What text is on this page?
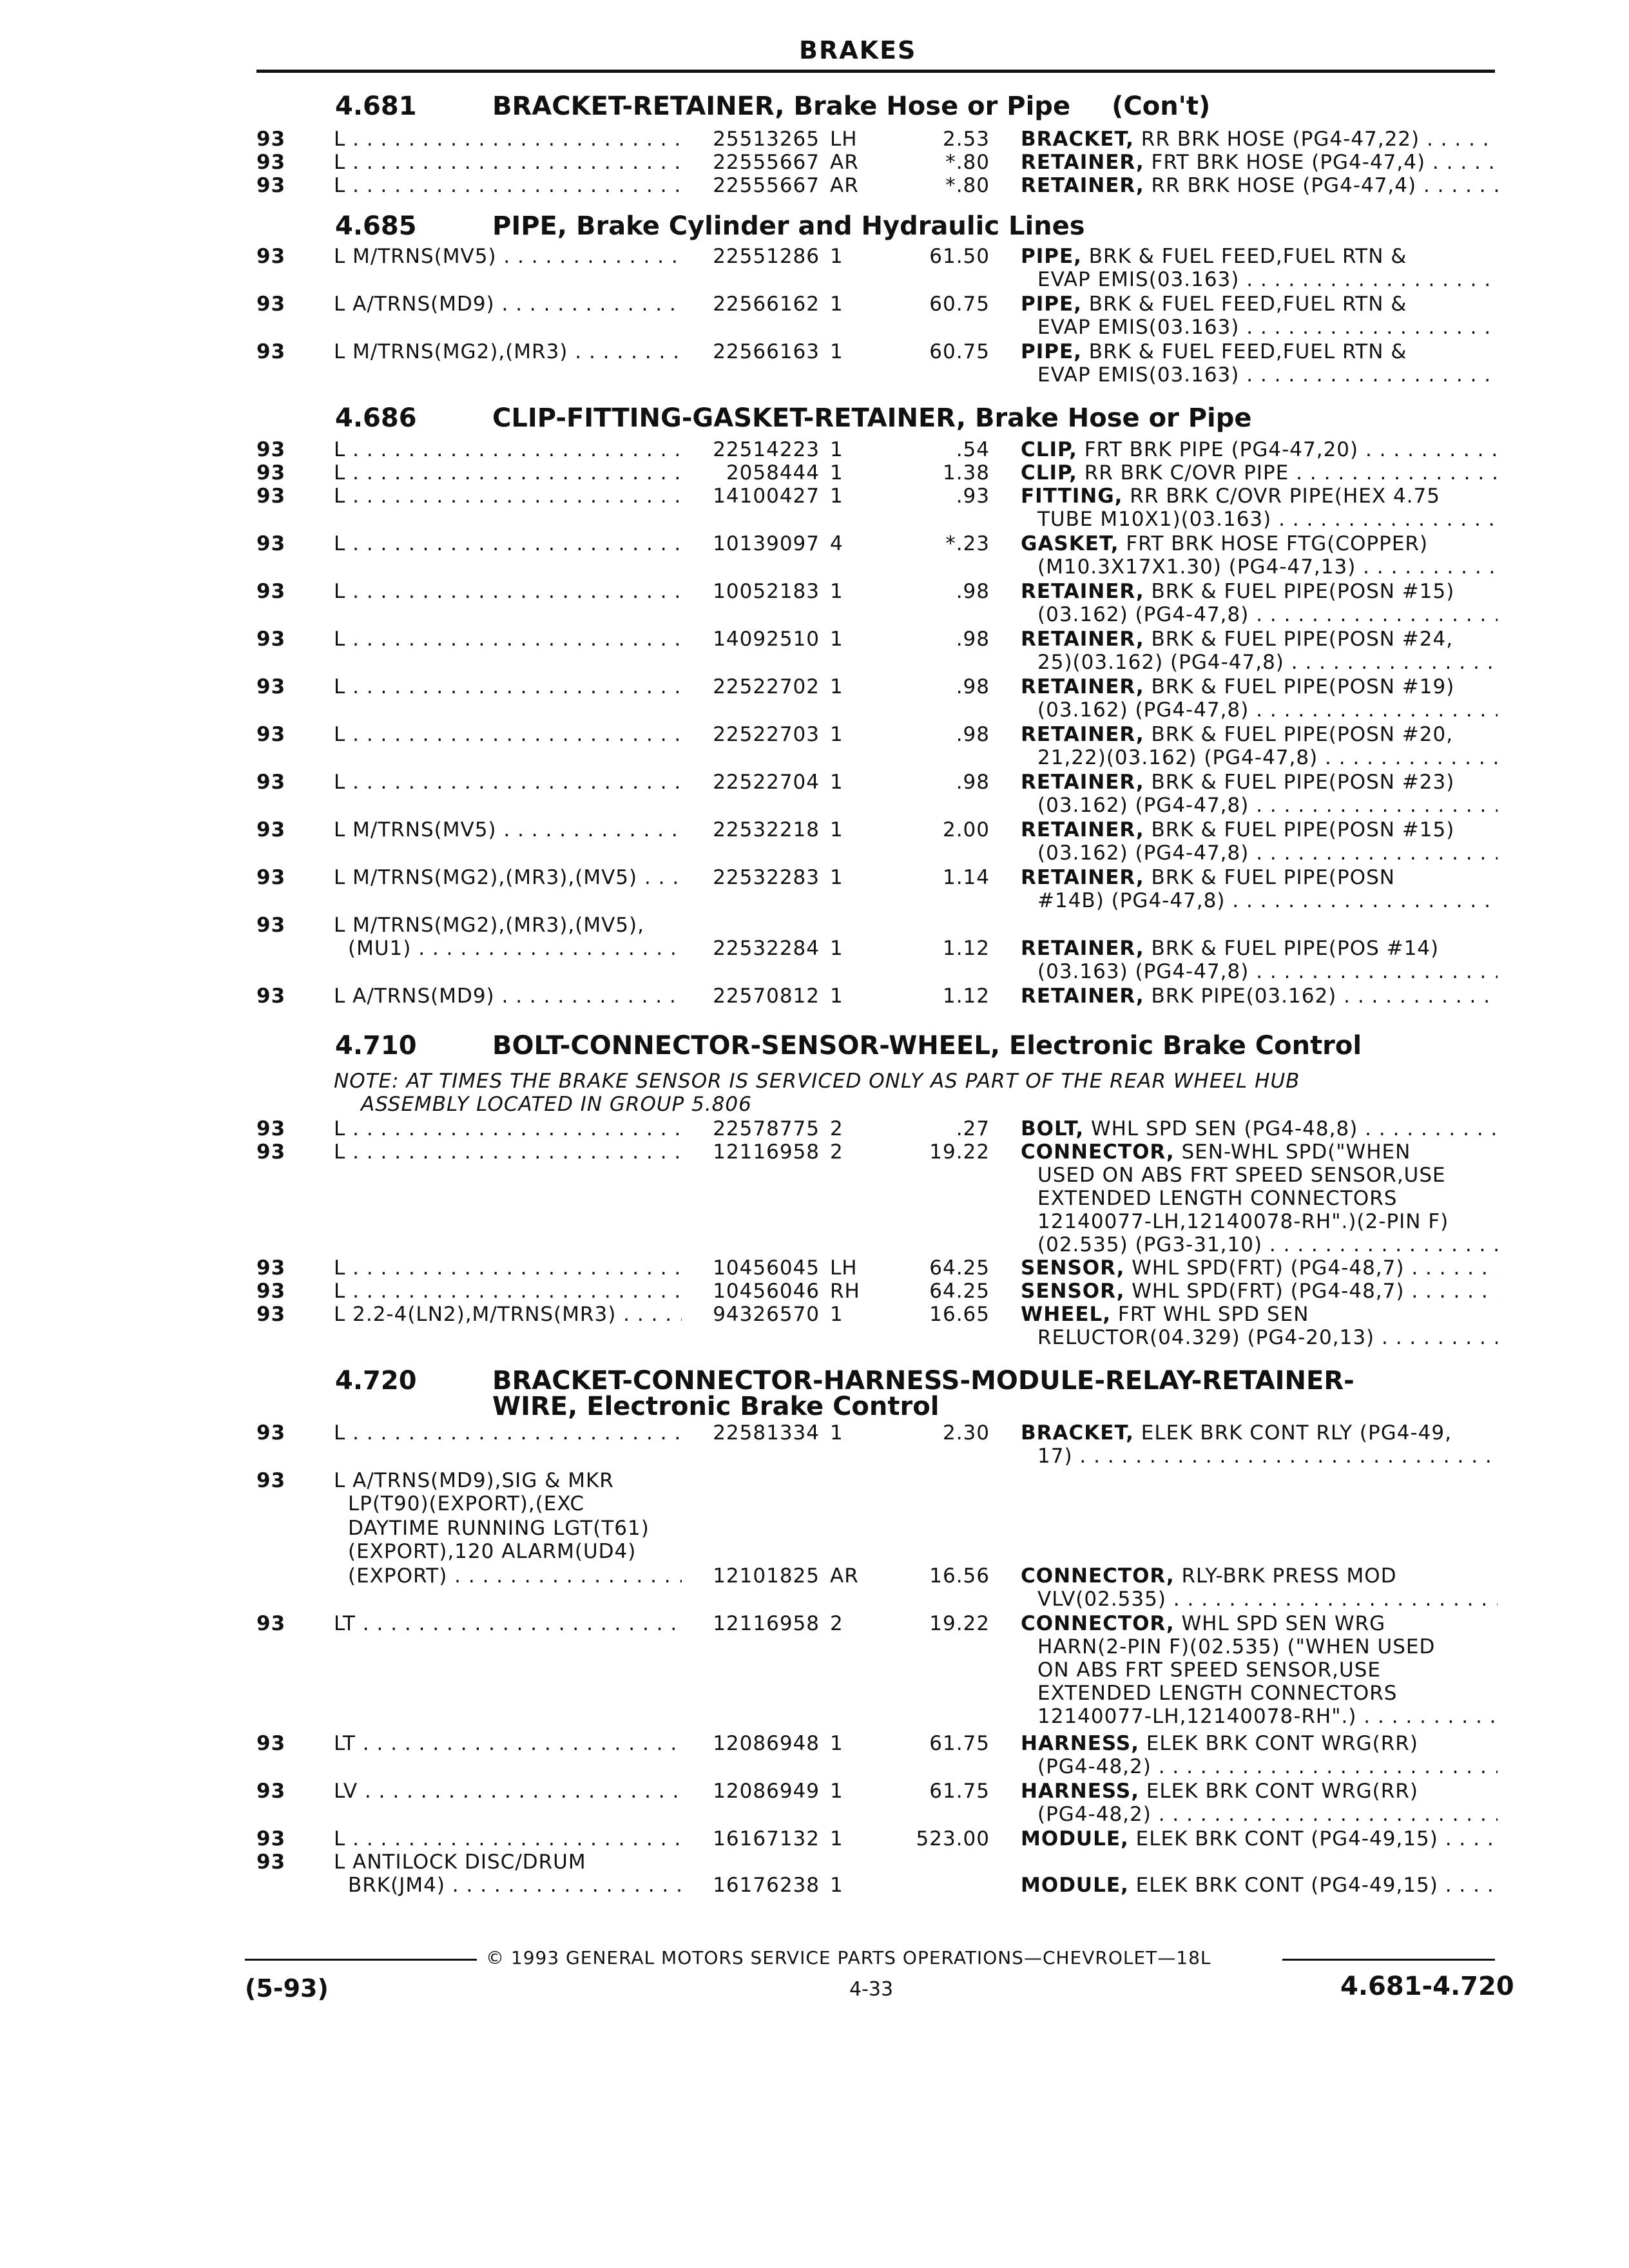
BRAKES
4.681	BRACKET-RETAINER, Brake Hose or Pipe (Con't)
4.685	PIPE, Brake Cylinder and Hydraulic Lines
4.686	CLIP-FITTING-GASKET-RETAINER, Brake Hose or Pipe
4.710	BOLT-CONNECTOR-SENSOR-WHEEL, Electronic Brake Control
NOTE: AT TIMES THE BRAKE SENSOR IS SERVICED ONLY AS PART OF THE REAR WHEEL HUB
ASSEMBLY LOCATED IN GROUP 5.806
4.720	BRACKET-CONNECTOR-HARNESS-MODULE-RELAY-RETAINER-
WIRE, Electronic Brake Control
93 L . . .	25513265 LH	2.53 BRACKET, RR BRK HOSE (PG4-47,22) . . .
93 L . . .	22555667 AR	*.80 RETAINER, FRT BRK HOSE (PG4-47,4) . . .
93 L . . .	22555667 AR	*.80 RETAINER, RR BRK HOSE (PG4-47,4) . . .
93 L M/TRNS(MV5) . . .	22551286 1	61.50 PIPE, BRK & FUEL FEED,FUEL RTN &
EVAP EMIS(03.163) . . .
93 L A/TRNS(MD9) . . .	22566162 1	60.75 PIPE, BRK & FUEL FEED,FUEL RTN &
EVAP EMIS(03.163) . . .
93 L M/TRNS(MG2),(MR3) . . .	22566163 1	60.75 PIPE, BRK & FUEL FEED,FUEL RTN &
EVAP EMIS(03.163) . . .
93 L . . .	22514223 1	.54 CLIP, FRT BRK PIPE (PG4-47,20) . . .
93 L . . .	2058444 1	1.38 CLIP, RR BRK C/OVR PIPE . . .
93 L . . .	14100427 1	.93 FITTING, RR BRK C/OVR PIPE(HEX 4.75
TUBE M10X1)(03.163) . . .
93 L . . .	10139097 4	*.23 GASKET, FRT BRK HOSE FTG(COPPER)
(M10.3X17X1.30) (PG4-47,13) . . .
93 L . . .	10052183 1	.98 RETAINER, BRK & FUEL PIPE(POSN #15)
(03.162) (PG4-47,8) . . .
93 L . . .	14092510 1	.98 RETAINER, BRK & FUEL PIPE(POSN #24,
25)(03.162) (PG4-47,8) . . .
93 L . . .	22522702 1	.98 RETAINER, BRK & FUEL PIPE(POSN #19)
(03.162) (PG4-47,8) . . .
93 L . . .	22522703 1	.98 RETAINER, BRK & FUEL PIPE(POSN #20,
21,22)(03.162) (PG4-47,8) . . .
93 L . . .	22522704 1	.98 RETAINER, BRK & FUEL PIPE(POSN #23)
(03.162) (PG4-47,8) . . .
93 L M/TRNS(MV5) . . .	22532218 1	2.00 RETAINER, BRK & FUEL PIPE(POSN #15)
(03.162) (PG4-47,8) . . .
93 L M/TRNS(MG2),(MR3),(MV5) . . .	22532283 1	1.14 RETAINER, BRK & FUEL PIPE(POSN
#14B) (PG4-47,8) . . .
L M/TRNS(MG2),(MR3),(MV5),
93
(MU1) . . .	22532284 1	1.12 RETAINER, BRK & FUEL PIPE(POS #14)
(03.163) (PG4-47,8) . . .
93 L A/TRNS(MD9) . . .	22570812 1	1.12 RETAINER, BRK PIPE(03.162) . . .
93 L . . .	22578775 2	.27 BOLT, WHL SPD SEN (PG4-48,8) . . .
93 L . . .	12116958 2	19.22 CONNECTOR, SEN-WHL SPD("WHEN
USED ON ABS FRT SPEED SENSOR,USE
EXTENDED LENGTH CONNECTORS
12140077-LH,12140078-RH".)(2-PIN F)
(02.535) (PG3-31,10) . . .
93 L . . .	10456045 LH	64.25 SENSOR, WHL SPD(FRT) (PG4-48,7) . . .
93 L . . .	10456046 RH	64.25 SENSOR, WHL SPD(FRT) (PG4-48,7) . . .
93 L 2.2-4(LN2),M/TRNS(MR3) . . .	94326570 1	16.65 WHEEL, FRT WHL SPD SEN
RELUCTOR(04.329) (PG4-20,13) . . .
93 L . . .	22581334 1	2.30 BRACKET, ELEK BRK CONT RLY (PG4-49,
17) . . .
L A/TRNS(MD9),SIG & MKR
LP(T90)(EXPORT),(EXC
DAYTIME RUNNING LGT(T61)
(EXPORT),120 ALARM(UD4)
93
(EXPORT) . . .	12101825 AR	16.56 CONNECTOR, RLY-BRK PRESS MOD
VLV(02.535) . . .
93 LT . . .	12116958 2	19.22 CONNECTOR, WHL SPD SEN WRG
HARN(2-PIN F)(02.535) ("WHEN USED
ON ABS FRT SPEED SENSOR,USE
EXTENDED LENGTH CONNECTORS
12140077-LH,12140078-RH".) . . .
93 LT . . .	12086948 1	61.75 HARNESS, ELEK BRK CONT WRG(RR)
(PG4-48,2) . . .
93 LV . . .	12086949 1	61.75 HARNESS, ELEK BRK CONT WRG(RR)
(PG4-48,2) . . .
93 L . . .	16167132 1	523.00 MODULE, ELEK BRK CONT (PG4-49,15) . . .
L ANTILOCK DISC/DRUM
93
BRK(JM4) . . .	16176238 1	MODULE, ELEK BRK CONT (PG4-49,15) . . .
© 1993 GENERAL MOTORS SERVICE PARTS OPERATIONS—CHEVROLET—18L
(5-93)	4-33	4.681-4.720
